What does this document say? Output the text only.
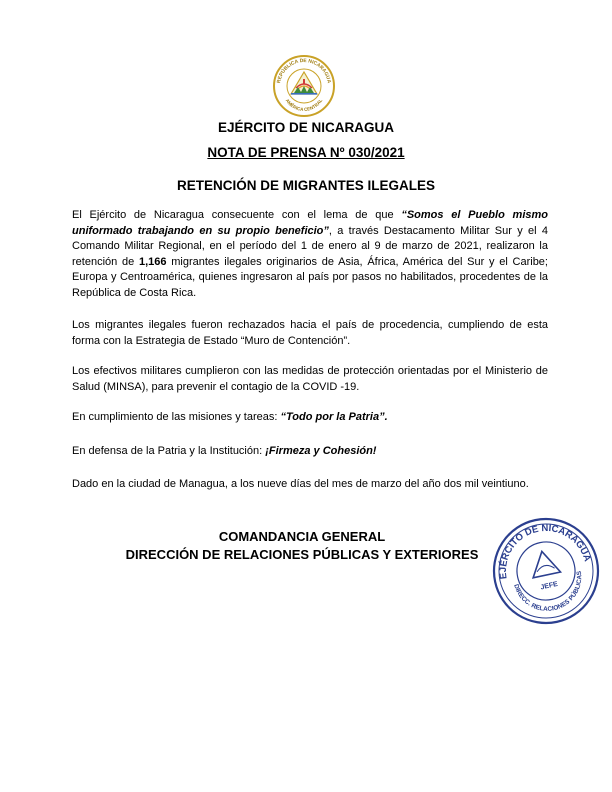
REPÚBLICA DE NICARAGUA
AMÉRICA CENTRAL
EJÉRCITO DE NICARAGUA
NOTA DE PRENSA Nº 030/2021
RETENCIÓN DE MIGRANTES ILEGALES
El Ejército de Nicaragua consecuente con el lema de que “Somos el Pueblo mismo uniformado trabajando en su propio beneficio”, a través Destacamento Militar Sur y el 4 Comando Militar Regional, en el período del 1 de enero al 9 de marzo de 2021, realizaron la retención de 1,166 migrantes ilegales originarios de Asia, África, América del Sur y el Caribe; Europa y Centroamérica, quienes ingresaron al país por pasos no habilitados, procedentes de la República de Costa Rica.
Los migrantes ilegales fueron rechazados hacia el país de procedencia, cumpliendo de esta forma con la Estrategia de Estado “Muro de Contención”.
Los efectivos militares cumplieron con las medidas de protección orientadas por el Ministerio de Salud (MINSA), para prevenir el contagio de la COVID -19.
En cumplimiento de las misiones y tareas: “Todo por la Patria”.
En defensa de la Patria y la Institución: ¡Firmeza y Cohesión!
Dado en la ciudad de Managua, a los nueve días del mes de marzo del año dos mil veintiuno.
COMANDANCIA GENERAL
DIRECCIÓN DE RELACIONES PÚBLICAS Y EXTERIORES
EJÉRCITO DE NICARAGUA
DIRECC. RELACIONES PÚBLICAS
JEFE
